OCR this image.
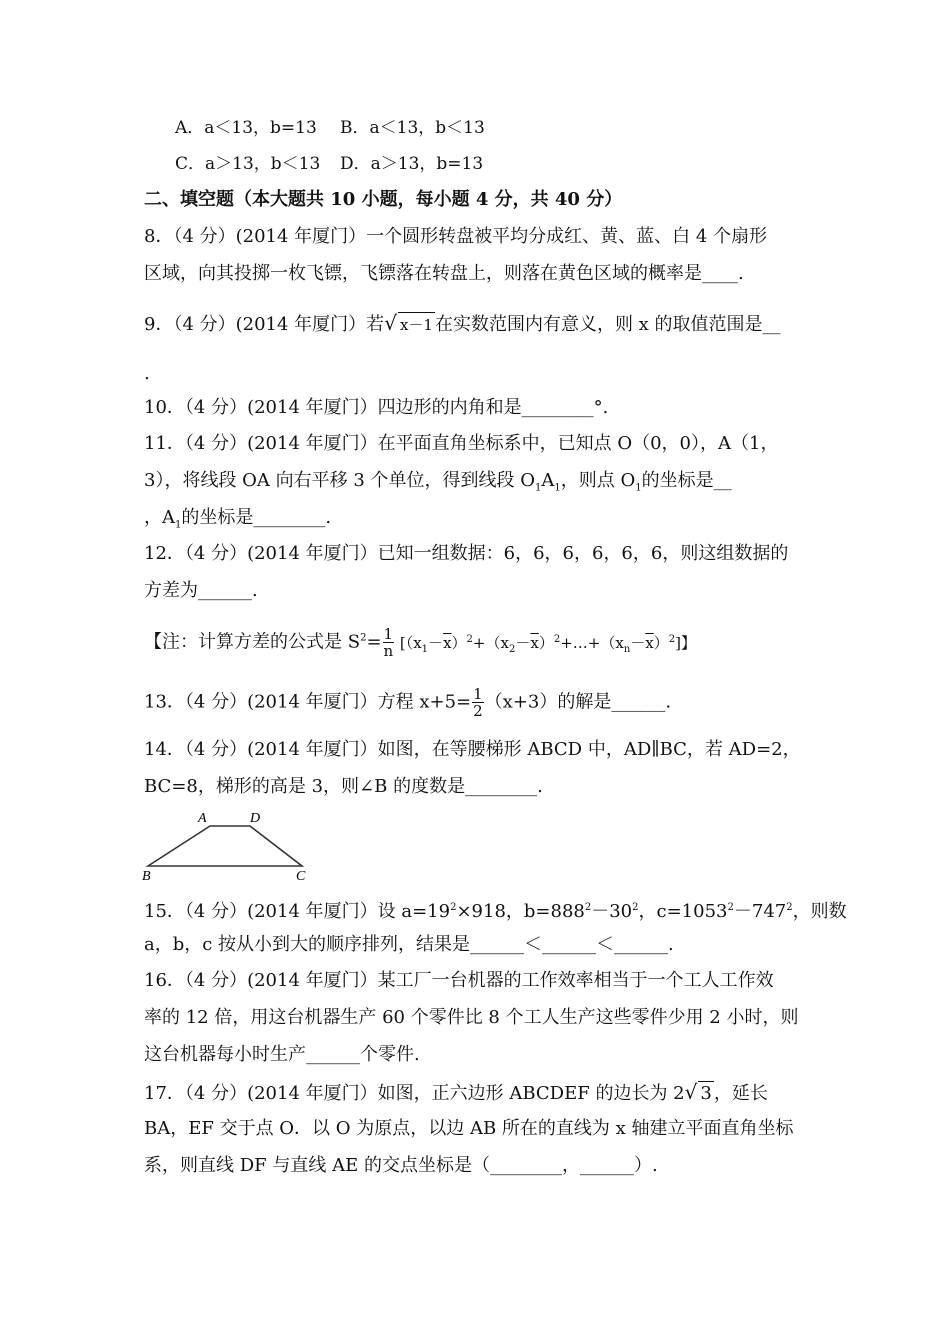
A．a＜13，b=13 B．a＜13，b＜13
C．a＞13，b＜13 D．a＞13，b=13
二、填空题（本大题共 10 小题，每小题 4 分，共 40 分）
8．（4 分）(2014 年厦门）一个圆形转盘被平均分成红、黄、蓝、白 4 个扇形
区域，向其投掷一枚飞镖，飞镖落在转盘上，则落在黄色区域的概率是____.
9．（4 分）(2014 年厦门）若√ x－1 在实数范围内有意义，则 x 的取值范围是__
.
10．（4 分）(2014 年厦门）四边形的内角和是________°.
11．（4 分）(2014 年厦门）在平面直角坐标系中，已知点 O（0，0），A（1，
3），将线段 OA 向右平移 3 个单位，得到线段 $O_1A_1$，则点 $O_1$的坐标是__
，$A_1$的坐标是________.
12．（4 分）(2014 年厦门）已知一组数据：6，6，6，6，6，6，则这组数据的
方差为______.
【注：计算方差的公式是 $S^2= \frac{1}{n}$ $[(x_1-\overline{x})^2+(x_2-\overline{x})^2+\dots+(x_n-\overline{x})^2]$】
13．（4 分）(2014 年厦门）方程 $x+5= \frac{1}{2} (x+3)$的解是______.
14．（4 分）(2014 年厦门）如图，在等腰梯形 ABCD 中，AD∥BC，若 AD=2，
BC=8，梯形的高是 3，则∠B 的度数是________.
A	D
B	C
15．（4 分）(2014 年厦门）设 $a=19^2\times 918$，$b=888^2-30^2$，$c=1053^2-747^2$，则数
a，b，c 按从小到大的顺序排列，结果是______＜______＜______.
16．（4 分）(2014 年厦门）某工厂一台机器的工作效率相当于一个工人工作效
率的 12 倍，用这台机器生产 60 个零件比 8 个工人生产这些零件少用 2 小时，则
这台机器每小时生产______个零件.
17．（4 分）(2014 年厦门）如图，正六边形 ABCDEF 的边长为 2√ 3 ，延长
BA，EF 交于点 O．以 O 为原点，以边 AB 所在的直线为 x 轴建立平面直角坐标
系，则直线 DF 与直线 AE 的交点坐标是（________，______）.
